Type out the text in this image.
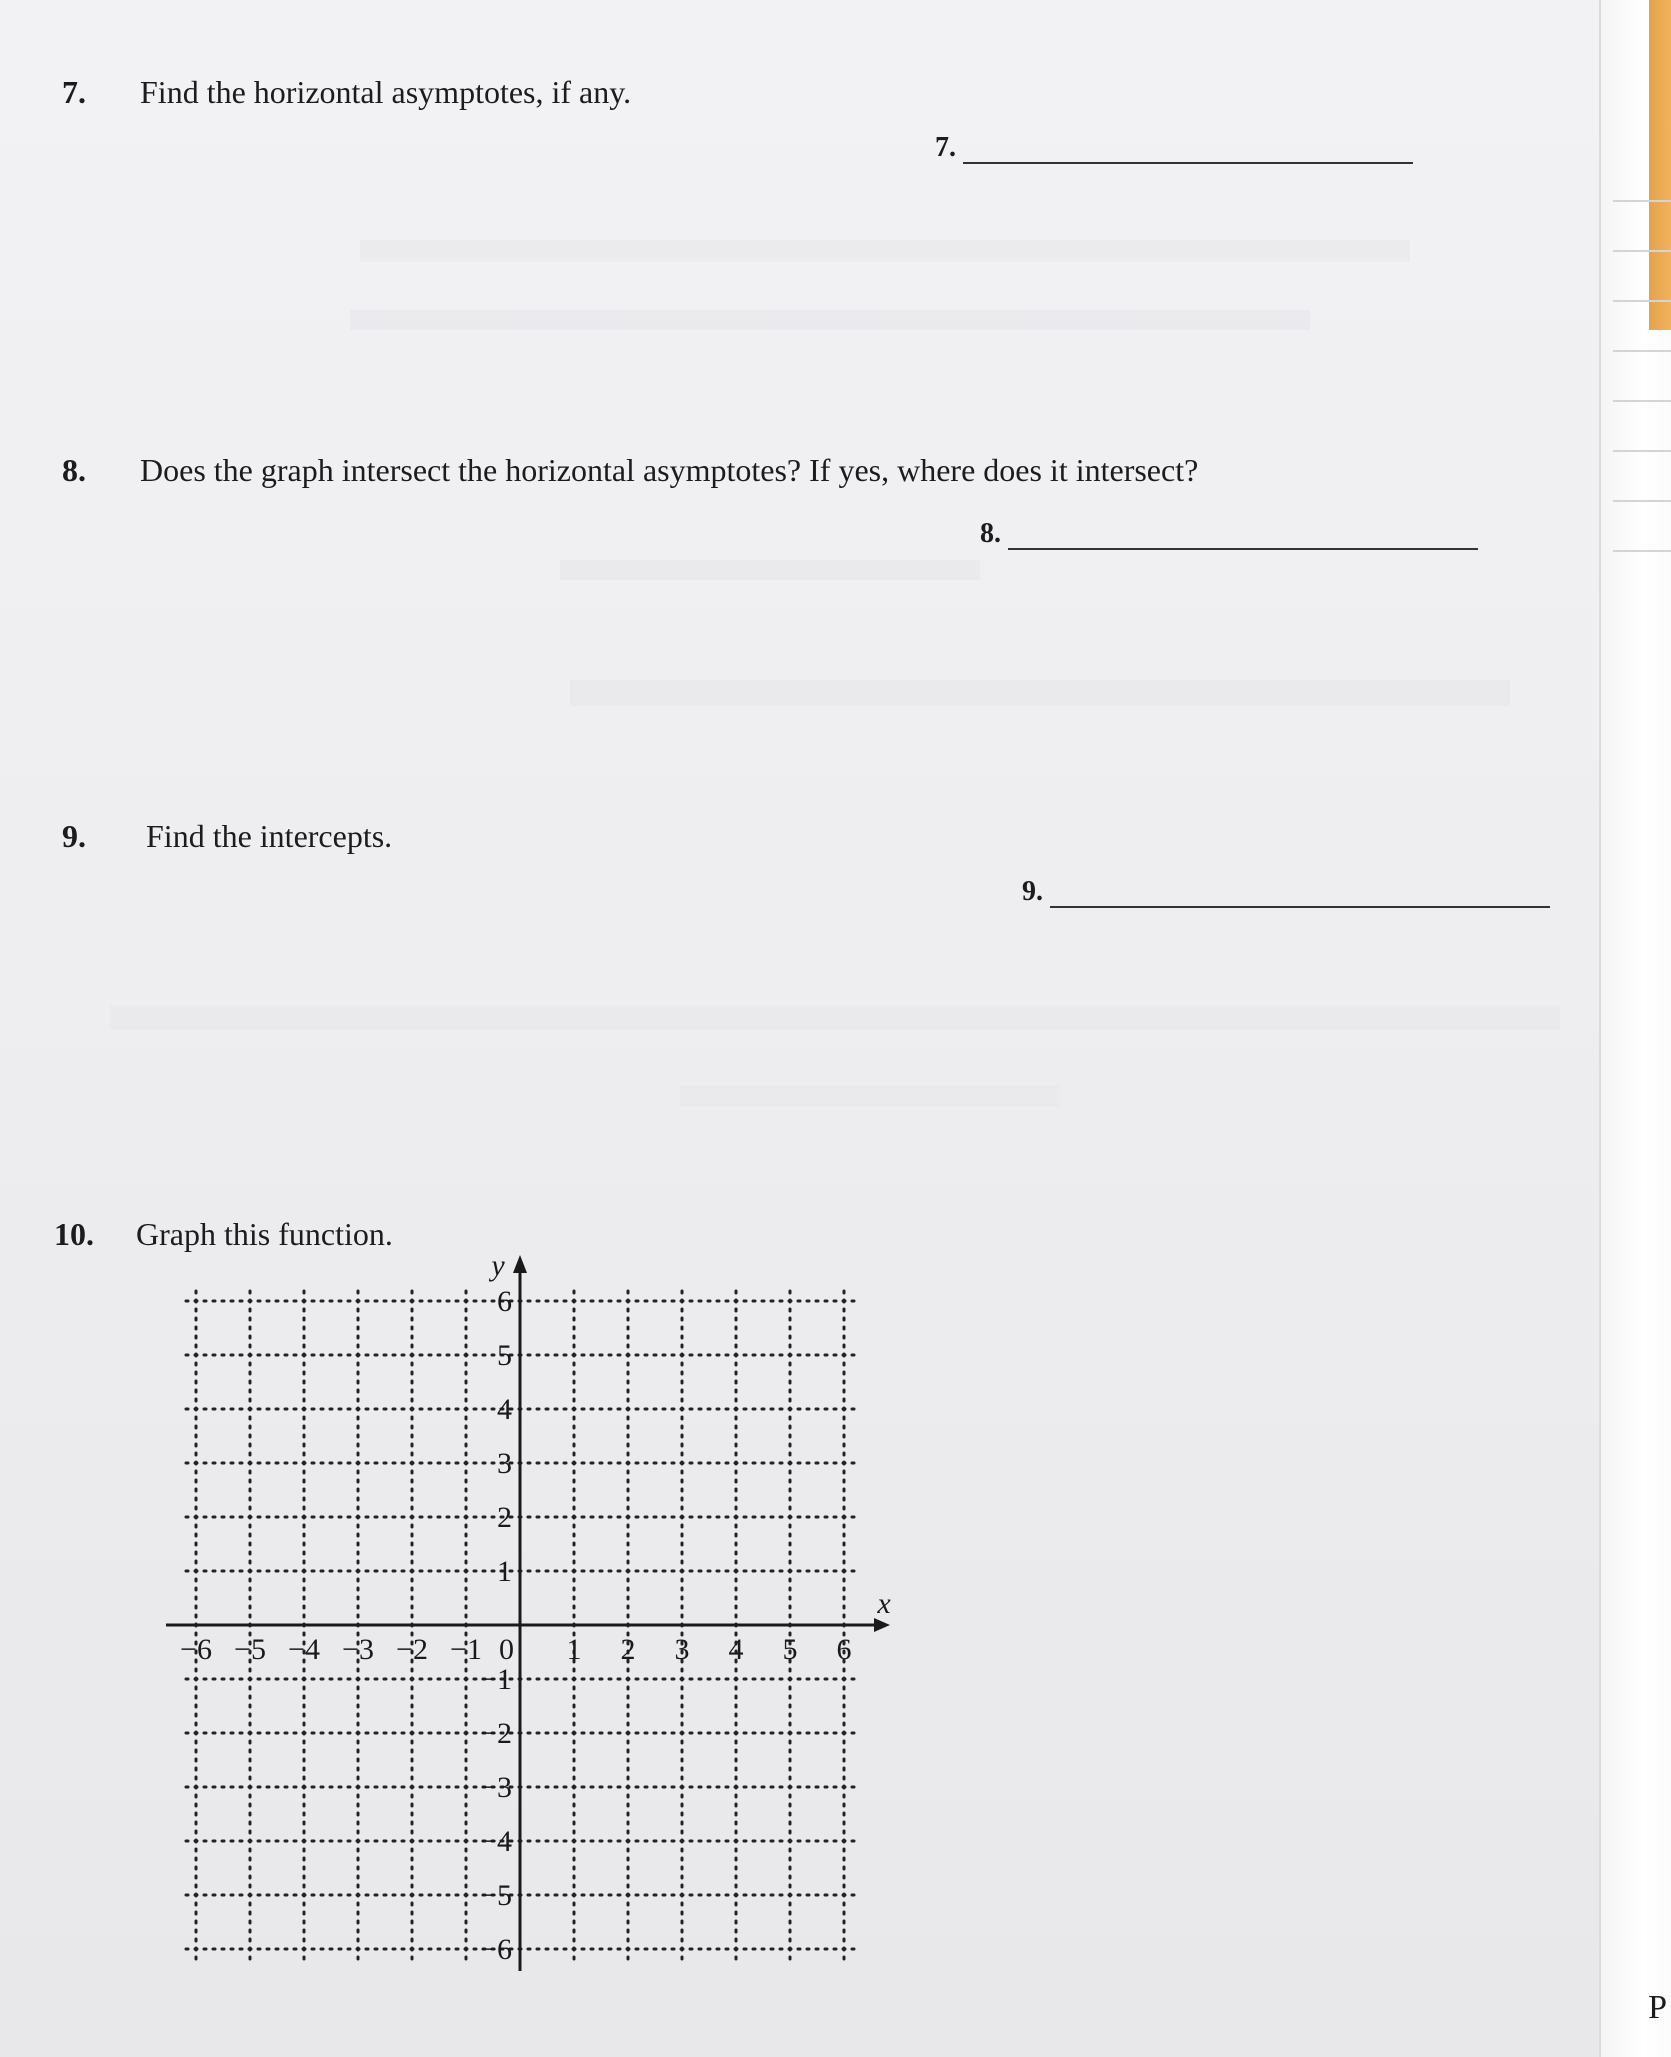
7. Find the horizontal asymptotes, if any.
7.
8. Does the graph intersect the horizontal asymptotes? If yes, where does it intersect?
8.
9. Find the intercepts.
9.
10. Graph this function.
−6 −5 −4 −3 −2 −1	1 2 3 4 5 6
6
5
4
3
2
1
−1
−2
−3
−4
−5
−6
0
x
y
P
